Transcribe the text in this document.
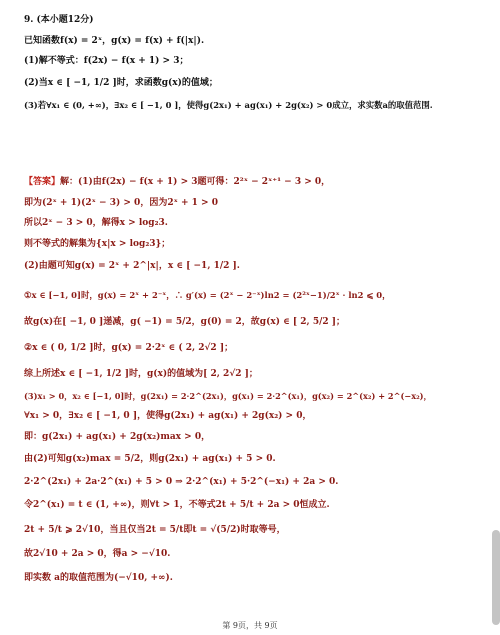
9. (本小题12分)
已知函数f(x) = 2ˣ，g(x) = f(x) + f(|x|).
(1)解不等式：f(2x) − f(x + 1) > 3；
(2)当x ∈ [ −1, 1/2 ]时，求函数g(x)的值域；
(3)若∀x₁ ∈ (0, +∞)，∃x₂ ∈ [ −1, 0 ]，使得g(2x₁) + ag(x₁) + 2g(x₂) > 0成立，求实数a的取值范围.
【答案】解：(1)由f(2x) − f(x + 1) > 3题可得：2²ˣ − 2ˣ⁺¹ − 3 > 0，
即为(2ˣ + 1)(2ˣ − 3) > 0，因为2ˣ + 1 > 0
所以2ˣ − 3 > 0，解得x > log₂3.
则不等式的解集为{x|x > log₂3}；
(2)由题可知g(x) = 2ˣ + 2^|x|，x ∈ [ −1, 1/2 ].
①x ∈ [−1, 0]时，g(x) = 2ˣ + 2⁻ˣ，∴ g′(x) = (2ˣ − 2⁻ˣ)ln2 = (2²ˣ−1)/2ˣ · ln2 ⩽ 0，
故g(x)在[ −1, 0 ]递减，g( −1) = 5/2，g(0) = 2，故g(x) ∈ [ 2, 5/2 ]；
②x ∈ ( 0, 1/2 ]时，g(x) = 2·2ˣ ∈ ( 2, 2√2 ]；
综上所述x ∈ [ −1, 1/2 ]时，g(x)的值域为[ 2, 2√2 ]；
(3)x₁ > 0，x₂ ∈ [−1, 0]时，g(2x₁) = 2·2^(2x₁)，g(x₁) = 2·2^(x₁)，g(x₂) = 2^(x₂) + 2^(−x₂)，
∀x₁ > 0，∃x₂ ∈ [ −1, 0 ]，使得g(2x₁) + ag(x₁) + 2g(x₂) > 0，
即：g(2x₁) + ag(x₁) + 2g(x₂)max > 0，
由(2)可知g(x₂)max = 5/2，则g(2x₁) + ag(x₁) + 5 > 0.
2·2^(2x₁) + 2a·2^(x₁) + 5 > 0 ⇒ 2·2^(x₁) + 5·2^(−x₁) + 2a > 0.
令2^(x₁) = t ∈ (1, +∞)，则∀t > 1，不等式2t + 5/t + 2a > 0恒成立.
2t + 5/t ⩾ 2√10，当且仅当2t = 5/t即t = √(5/2)时取等号，
故2√10 + 2a > 0，得a > −√10.
即实数 a的取值范围为(−√10, +∞).
第 9页，共 9页
